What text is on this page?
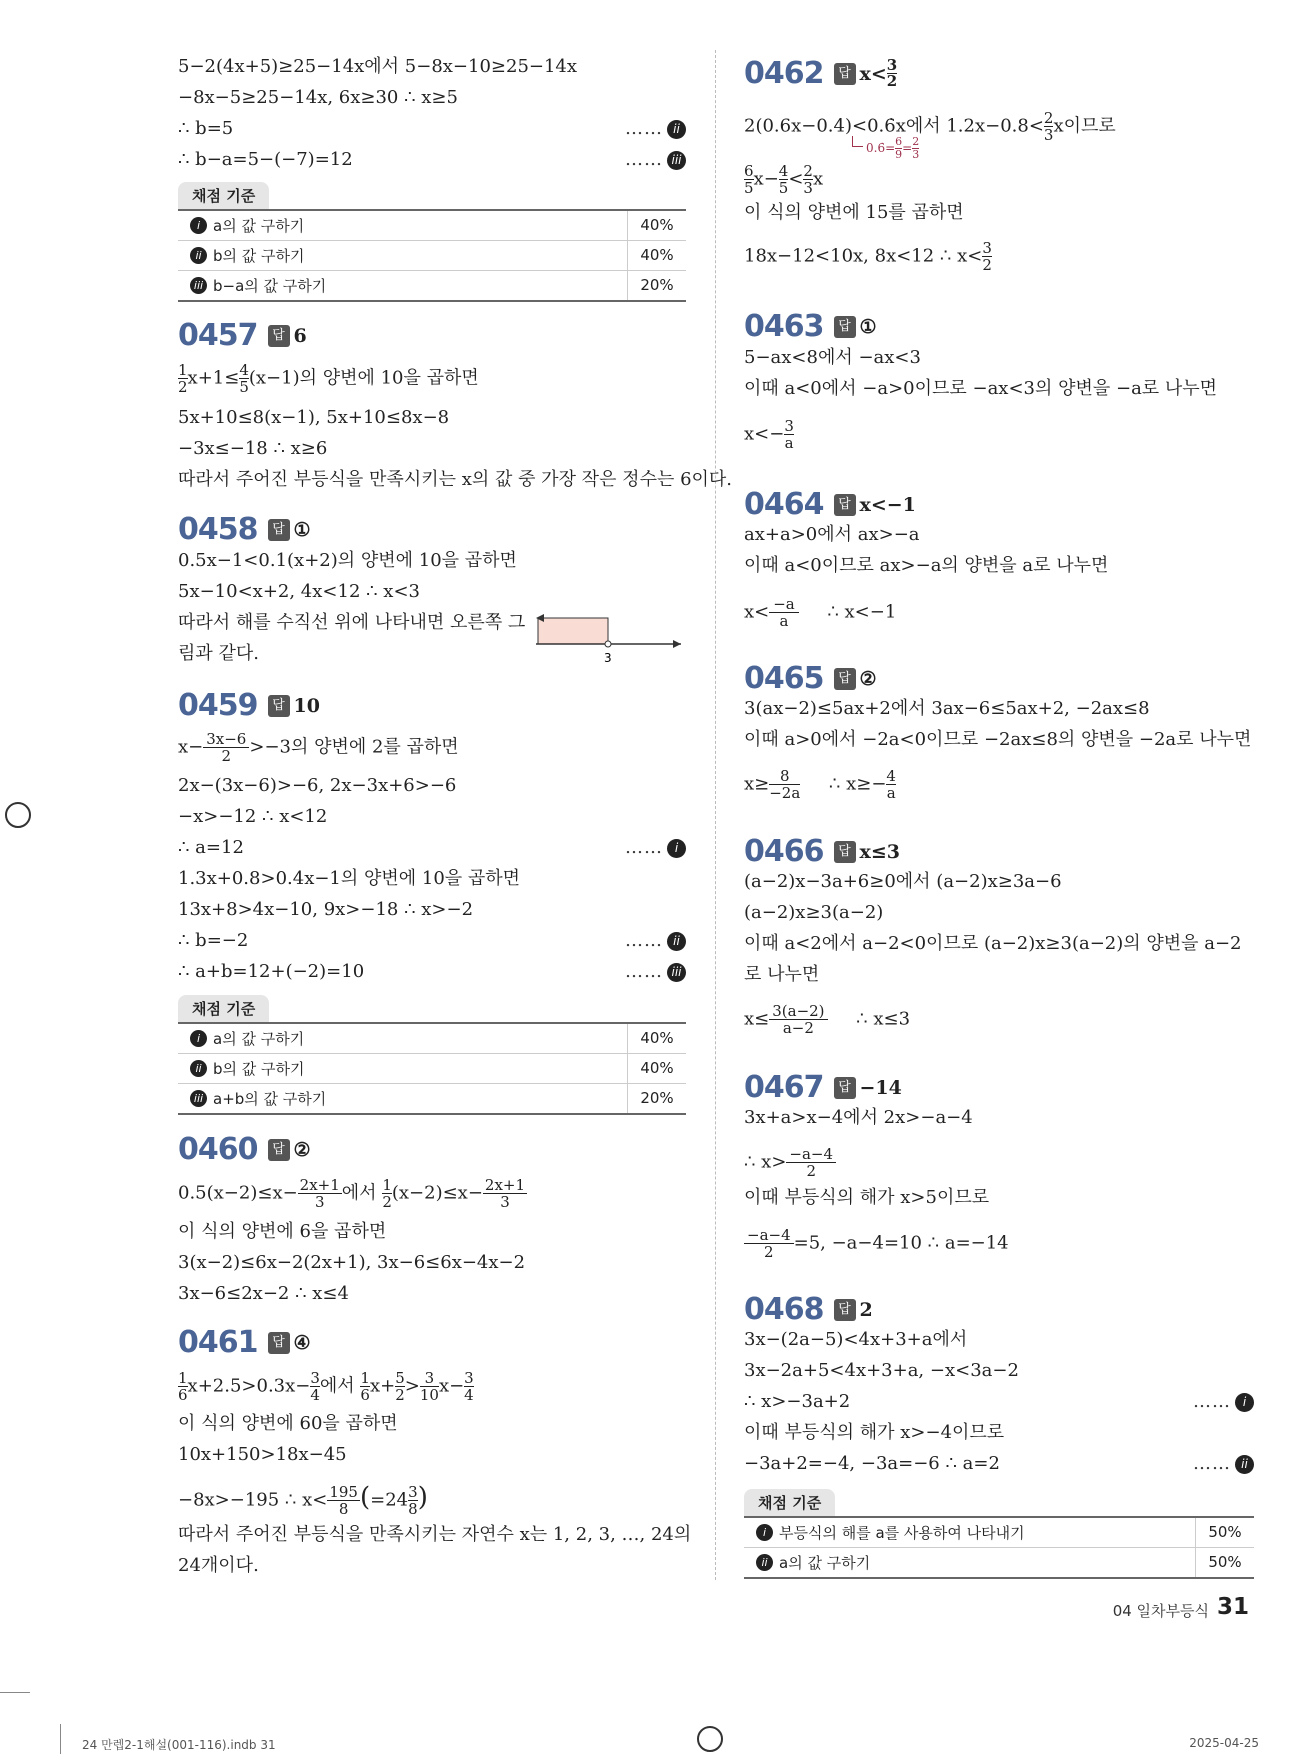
5−2(4x+5)≥25−14x에서 5−8x−10≥25−14x
−8x−5≥25−14x, 6x≥30 ∴ x≥5
∴ b=5	…… ii
∴ b−a=5−(−7)=12	…… iii
채점 기준
i a의 값 구하기	40%
ii b의 값 구하기	40%
iii b−a의 값 구하기	20%
0457 답 6
$\frac{1}{2} x+1\le \frac{4}{5} (x-1)$의 양변에 10을 곱하면
5x+10≤8(x−1), 5x+10≤8x−8
−3x≤−18 ∴ x≥6
따라서 주어진 부등식을 만족시키는 x의 값 중 가장 작은 정수는 6이다.
0458 답 ①
0.5x−1<0.1(x+2)의 양변에 10을 곱하면
5x−10<x+2, 4x<12 ∴ x<3
따라서 해를 수직선 위에 나타내면 오른쪽 그
림과 같다.	3
0459 답 10
$x- \frac{3x-6}{2} >-3$의 양변에 2를 곱하면
2x−(3x−6)>−6, 2x−3x+6>−6
−x>−12 ∴ x<12
∴ a=12	…… i
1.3x+0.8>0.4x−1의 양변에 10을 곱하면
13x+8>4x−10, 9x>−18 ∴ x>−2
∴ b=−2	…… ii
∴ a+b=12+(−2)=10	…… iii
채점 기준
i a의 값 구하기	40%
ii b의 값 구하기	40%
iii a+b의 값 구하기	20%
0460 답 ②
$0.5(x-2)\le x- \frac{2x+1}{3}$ 에서 $\frac{1}{2} (x-2)\le x- \frac{2x+1}{3}$
이 식의 양변에 6을 곱하면
3(x−2)≤6x−2(2x+1), 3x−6≤6x−4x−2
3x−6≤2x−2 ∴ x≤4
0461 답 ④
$\frac{1}{6} x+2.5>0.3x- \frac{3}{4}$ 에서 $\frac{1}{6} x+ \frac{5}{2} > \frac{3}{10} x- \frac{3}{4}$
이 식의 양변에 60을 곱하면
10x+150>18x−45
−8x>−195 ∴ $x< \frac{195}{8} (=24 \frac{3}{8}$ )
따라서 주어진 부등식을 만족시키는 자연수 x는 1, 2, 3, …, 24의
24개이다.
0462 답 $x< \frac{3}{2}$
2(0.6x−0.4)<0.6̇x에서 $1.2x-0.8< \frac{2}{3}$ x이므로
0.6̇= $\frac{6}{9} = \frac{2}{3}$
$\frac{6}{5} x- \frac{4}{5} < \frac{2}{3}$ x
이 식의 양변에 15를 곱하면
18x−12<10x, 8x<12 ∴ $x< \frac{3}{2}$
0463 답 ①
5−ax<8에서 −ax<3
이때 a<0에서 −a>0이므로 −ax<3의 양변을 −a로 나누면
$x<- \frac{3}{a}$
0464 답 x<−1
ax+a>0에서 ax>−a
이때 a<0이므로 ax>−a의 양변을 a로 나누면
$x< \frac{-a}{a}$ ∴ x<−1
0465 답 ②
3(ax−2)≤5ax+2에서 3ax−6≤5ax+2, −2ax≤8
이때 a>0에서 −2a<0이므로 −2ax≤8의 양변을 −2a로 나누면
$x\ge \frac{8}{-2a}$ ∴ $x\ge- \frac{4}{a}$
0466 답 x≤3
(a−2)x−3a+6≥0에서 (a−2)x≥3a−6
(a−2)x≥3(a−2)
이때 a<2에서 a−2<0이므로 (a−2)x≥3(a−2)의 양변을 a−2
로 나누면
$x\le \frac{3(a-2)}{a-2}$ ∴ x≤3
0467 답 −14
3x+a>x−4에서 2x>−a−4
∴ $x> \frac{-a-4}{2}$
이때 부등식의 해가 x>5이므로
$\frac{-a-4}{2} =5$, −a−4=10 ∴ a=−14
0468 답 2
3x−(2a−5)<4x+3+a에서
3x−2a+5<4x+3+a, −x<3a−2
∴ x>−3a+2	…… i
이때 부등식의 해가 x>−4이므로
−3a+2=−4, −3a=−6 ∴ a=2	…… ii
채점 기준
i 부등식의 해를 a를 사용하여 나타내기	50%
ii a의 값 구하기	50%
04 일차부등식 31
24 만렙2-1해설(001-116).indb 31	2025-04-25
